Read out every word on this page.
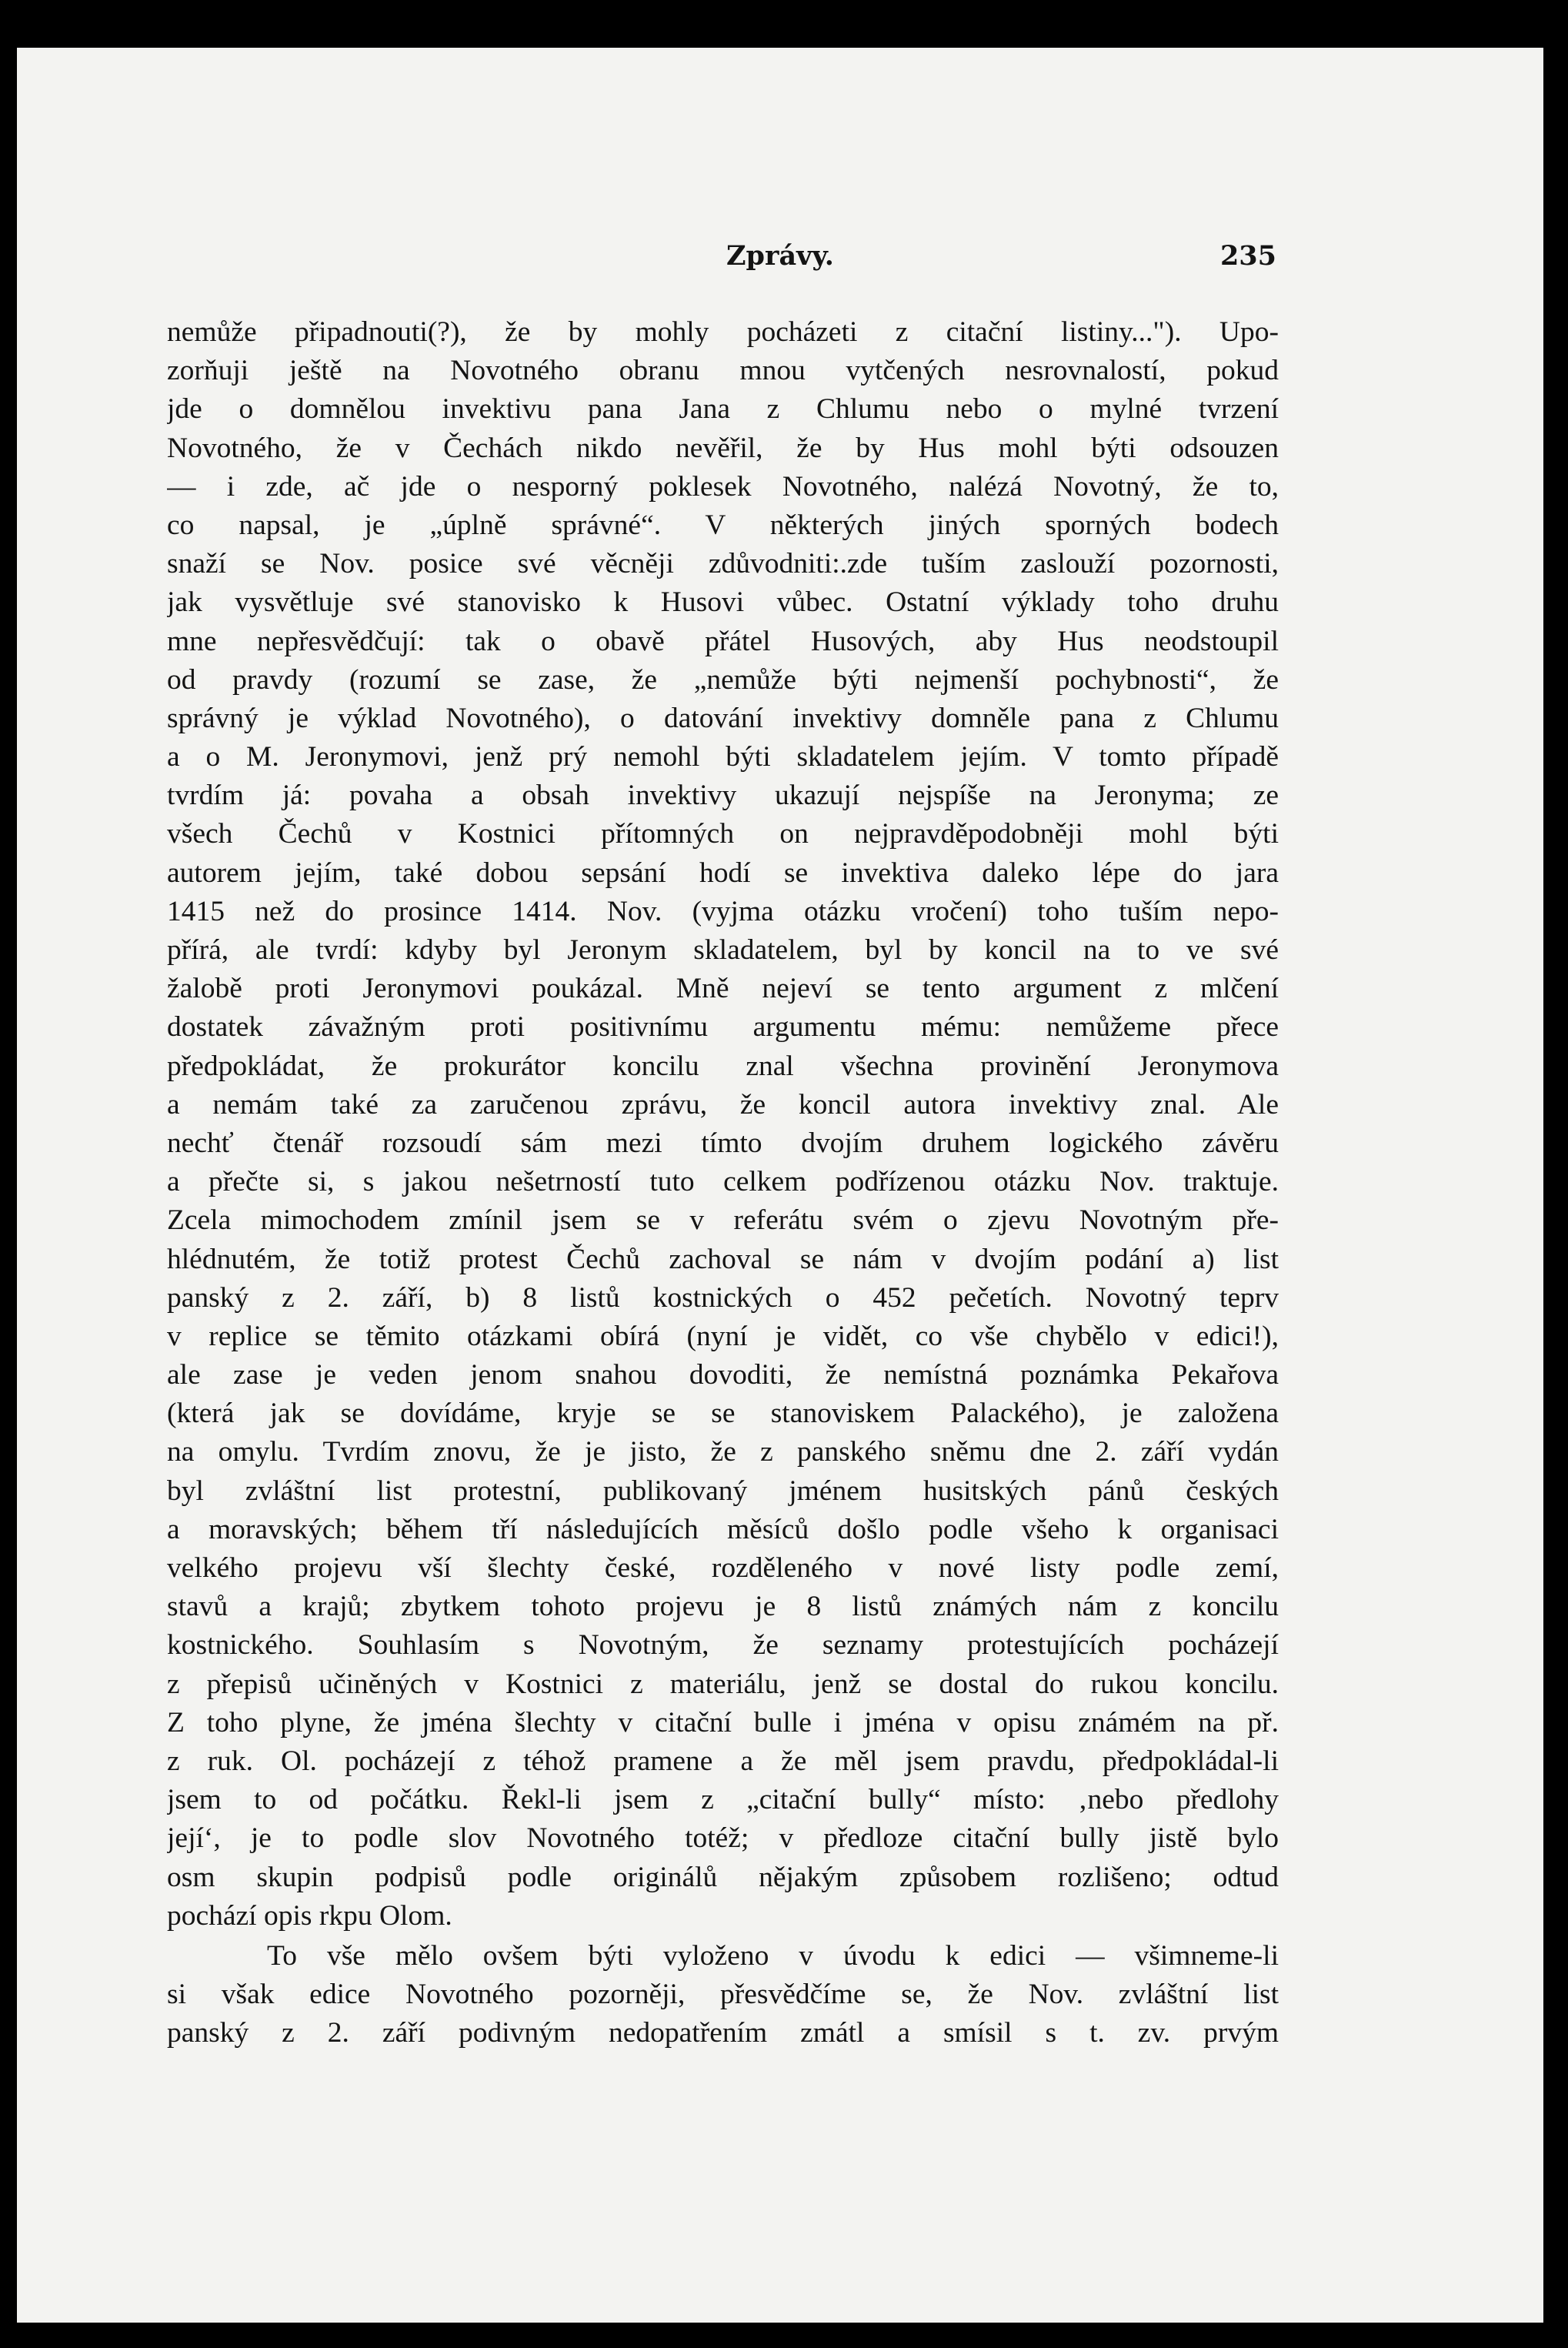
Zprávy.	235
nemůže připadnouti(?), že by mohly pocházeti z citační listiny..."). Upo-
zorňuji ještě na Novotného obranu mnou vytčených nesrovnalostí, pokud
jde o domnělou invektivu pana Jana z Chlumu nebo o mylné tvrzení
Novotného, že v Čechách nikdo nevěřil, že by Hus mohl býti odsouzen
— i zde, ač jde o nesporný poklesek Novotného, nalézá Novotný, že to,
co napsal, je „úplně správné“. V některých jiných sporných bodech
snaží se Nov. posice své věcněji zdůvodniti:.zde tuším zaslouží pozornosti,
jak vysvětluje své stanovisko k Husovi vůbec. Ostatní výklady toho druhu
mne nepřesvědčují: tak o obavě přátel Husových, aby Hus neodstoupil
od pravdy (rozumí se zase, že „nemůže býti nejmenší pochybnosti“, že
správný je výklad Novotného), o datování invektivy domněle pana z Chlumu
a o M. Jeronymovi, jenž prý nemohl býti skladatelem jejím. V tomto případě
tvrdím já: povaha a obsah invektivy ukazují nejspíše na Jeronyma; ze
všech Čechů v Kostnici přítomných on nejpravděpodobněji mohl býti
autorem jejím, také dobou sepsání hodí se invektiva daleko lépe do jara
1415 než do prosince 1414. Nov. (vyjma otázku vročení) toho tuším nepo-
přírá, ale tvrdí: kdyby byl Jeronym skladatelem, byl by koncil na to ve své
žalobě proti Jeronymovi poukázal. Mně nejeví se tento argument z mlčení
dostatek závažným proti positivnímu argumentu mému: nemůžeme přece
předpokládat, že prokurátor koncilu znal všechna provinění Jeronymova
a nemám také za zaručenou zprávu, že koncil autora invektivy znal. Ale
nechť čtenář rozsoudí sám mezi tímto dvojím druhem logického závěru
a přečte si, s jakou nešetrností tuto celkem podřízenou otázku Nov. traktuje.
Zcela mimochodem zmínil jsem se v referátu svém o zjevu Novotným pře-
hlédnutém, že totiž protest Čechů zachoval se nám v dvojím podání a) list
panský z 2. září, b) 8 listů kostnických o 452 pečetích. Novotný teprv
v replice se těmito otázkami obírá (nyní je vidět, co vše chybělo v edici!),
ale zase je veden jenom snahou dovoditi, že nemístná poznámka Pekařova
(která jak se dovídáme, kryje se se stanoviskem Palackého), je založena
na omylu. Tvrdím znovu, že je jisto, že z panského sněmu dne 2. září vydán
byl zvláštní list protestní, publikovaný jménem husitských pánů českých
a moravských; během tří následujících měsíců došlo podle všeho k organisaci
velkého projevu vší šlechty české, rozděleného v nové listy podle zemí,
stavů a krajů; zbytkem tohoto projevu je 8 listů známých nám z koncilu
kostnického. Souhlasím s Novotným, že seznamy protestujících pocházejí
z přepisů učiněných v Kostnici z materiálu, jenž se dostal do rukou koncilu.
Z toho plyne, že jména šlechty v citační bulle i jména v opisu známém na př.
z ruk. Ol. pocházejí z téhož pramene a že měl jsem pravdu, předpokládal-li
jsem to od počátku. Řekl-li jsem z „citační bully“ místo: ‚nebo předlohy
její‘, je to podle slov Novotného totéž; v předloze citační bully jistě bylo
osm skupin podpisů podle originálů nějakým způsobem rozlišeno; odtud
pochází opis rkpu Olom.
To vše mělo ovšem býti vyloženo v úvodu k edici — všimneme-li
si však edice Novotného pozorněji, přesvědčíme se, že Nov. zvláštní list
panský z 2. září podivným nedopatřením zmátl a smísil s t. zv. prvým
